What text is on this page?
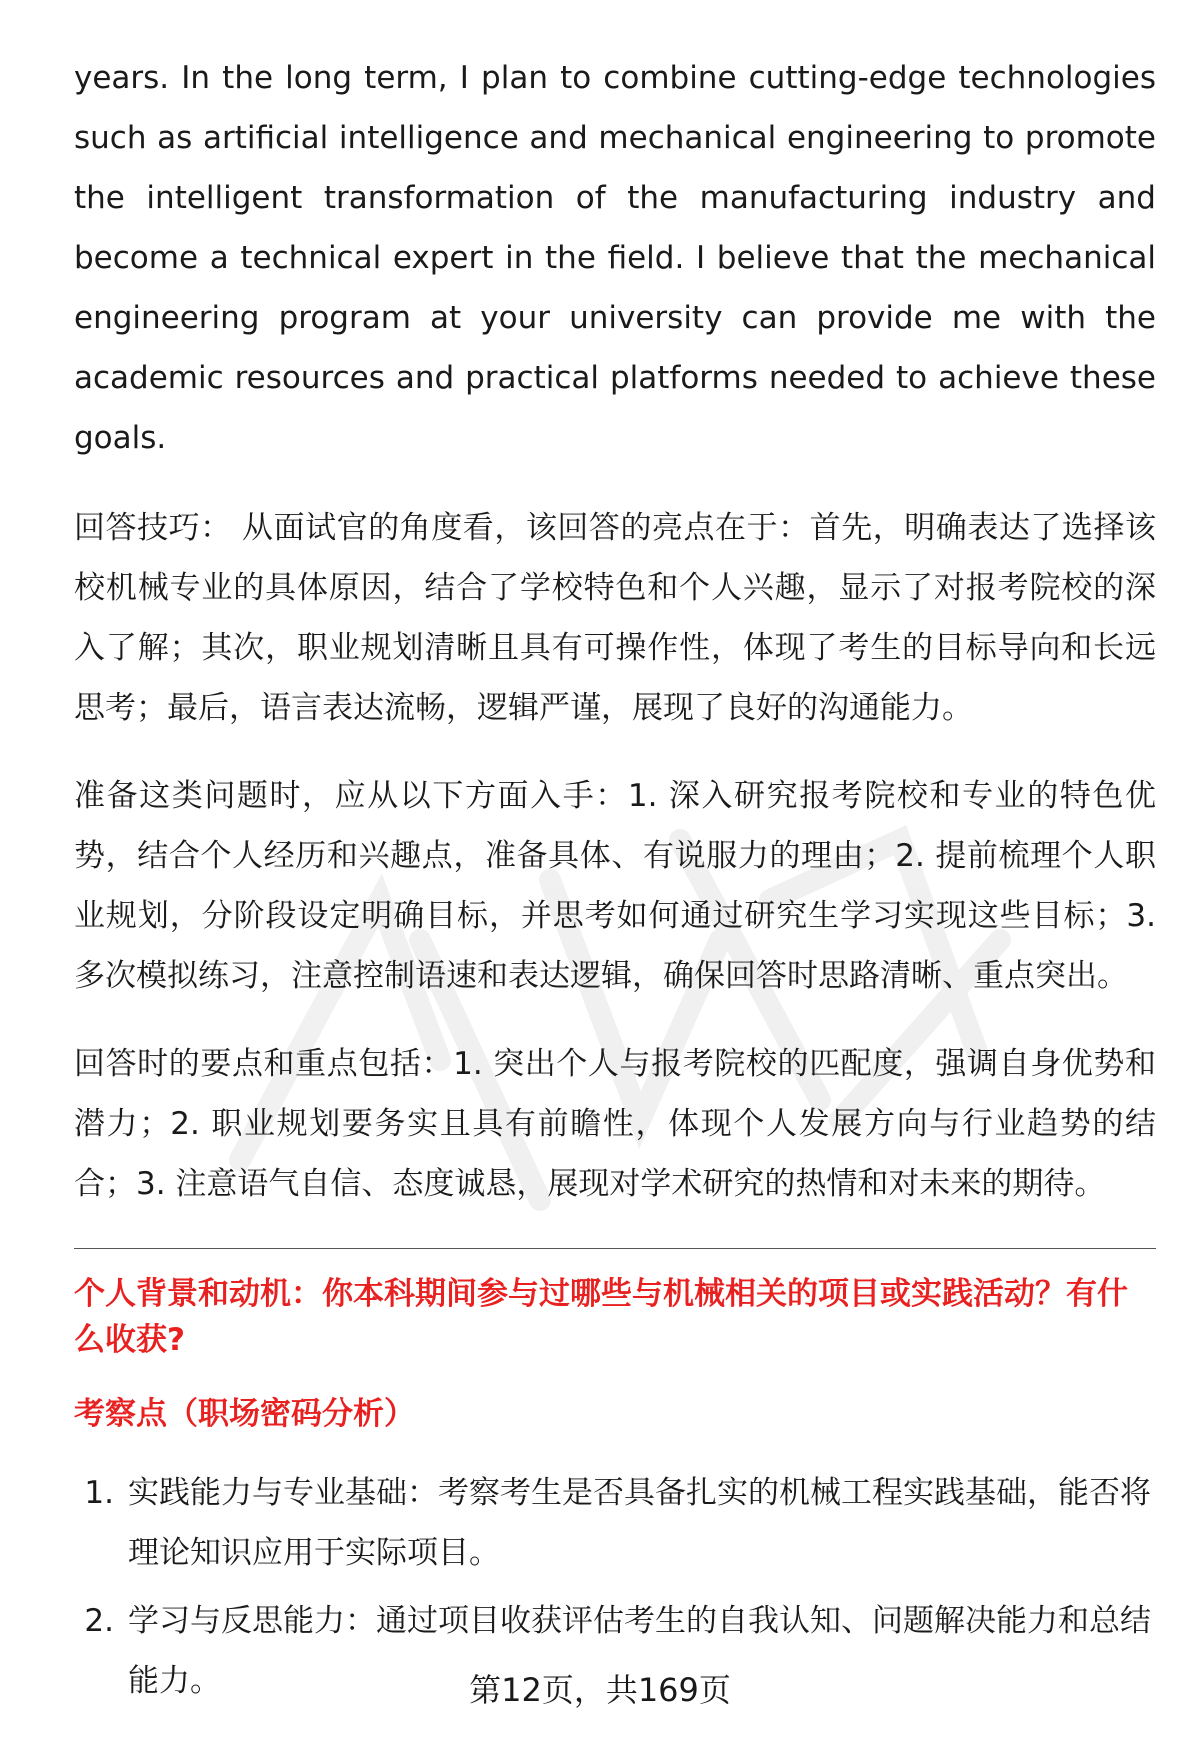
years. In the long term, I plan to combine cutting-edge technologies such as artificial intelligence and mechanical engineering to promote the intelligent transformation of the manufacturing industry and become a technical expert in the field. I believe that the mechanical engineering program at your university can provide me with the academic resources and practical platforms needed to achieve these goals.

回答技巧： 从面试官的角度看，该回答的亮点在于：首先，明确表达了选择该校机械专业的具体原因，结合了学校特色和个人兴趣，显示了对报考院校的深入了解；其次，职业规划清晰且具有可操作性，体现了考生的目标导向和长远思考；最后，语言表达流畅，逻辑严谨，展现了良好的沟通能力。

准备这类问题时，应从以下方面入手：1. 深入研究报考院校和专业的特色优势，结合个人经历和兴趣点，准备具体、有说服力的理由；2. 提前梳理个人职业规划，分阶段设定明确目标，并思考如何通过研究生学习实现这些目标；3. 多次模拟练习，注意控制语速和表达逻辑，确保回答时思路清晰、重点突出。

回答时的要点和重点包括：1. 突出个人与报考院校的匹配度，强调自身优势和潜力；2. 职业规划要务实且具有前瞻性，体现个人发展方向与行业趋势的结合；3. 注意语气自信、态度诚恳，展现对学术研究的热情和对未来的期待。

个人背景和动机：你本科期间参与过哪些与机械相关的项目或实践活动？有什么收获?
考察点（职场密码分析）
1. 实践能力与专业基础：考察考生是否具备扎实的机械工程实践基础，能否将理论知识应用于实际项目。
2. 学习与反思能力：通过项目收获评估考生的自我认知、问题解决能力和总结能力。	第12页，共169页
